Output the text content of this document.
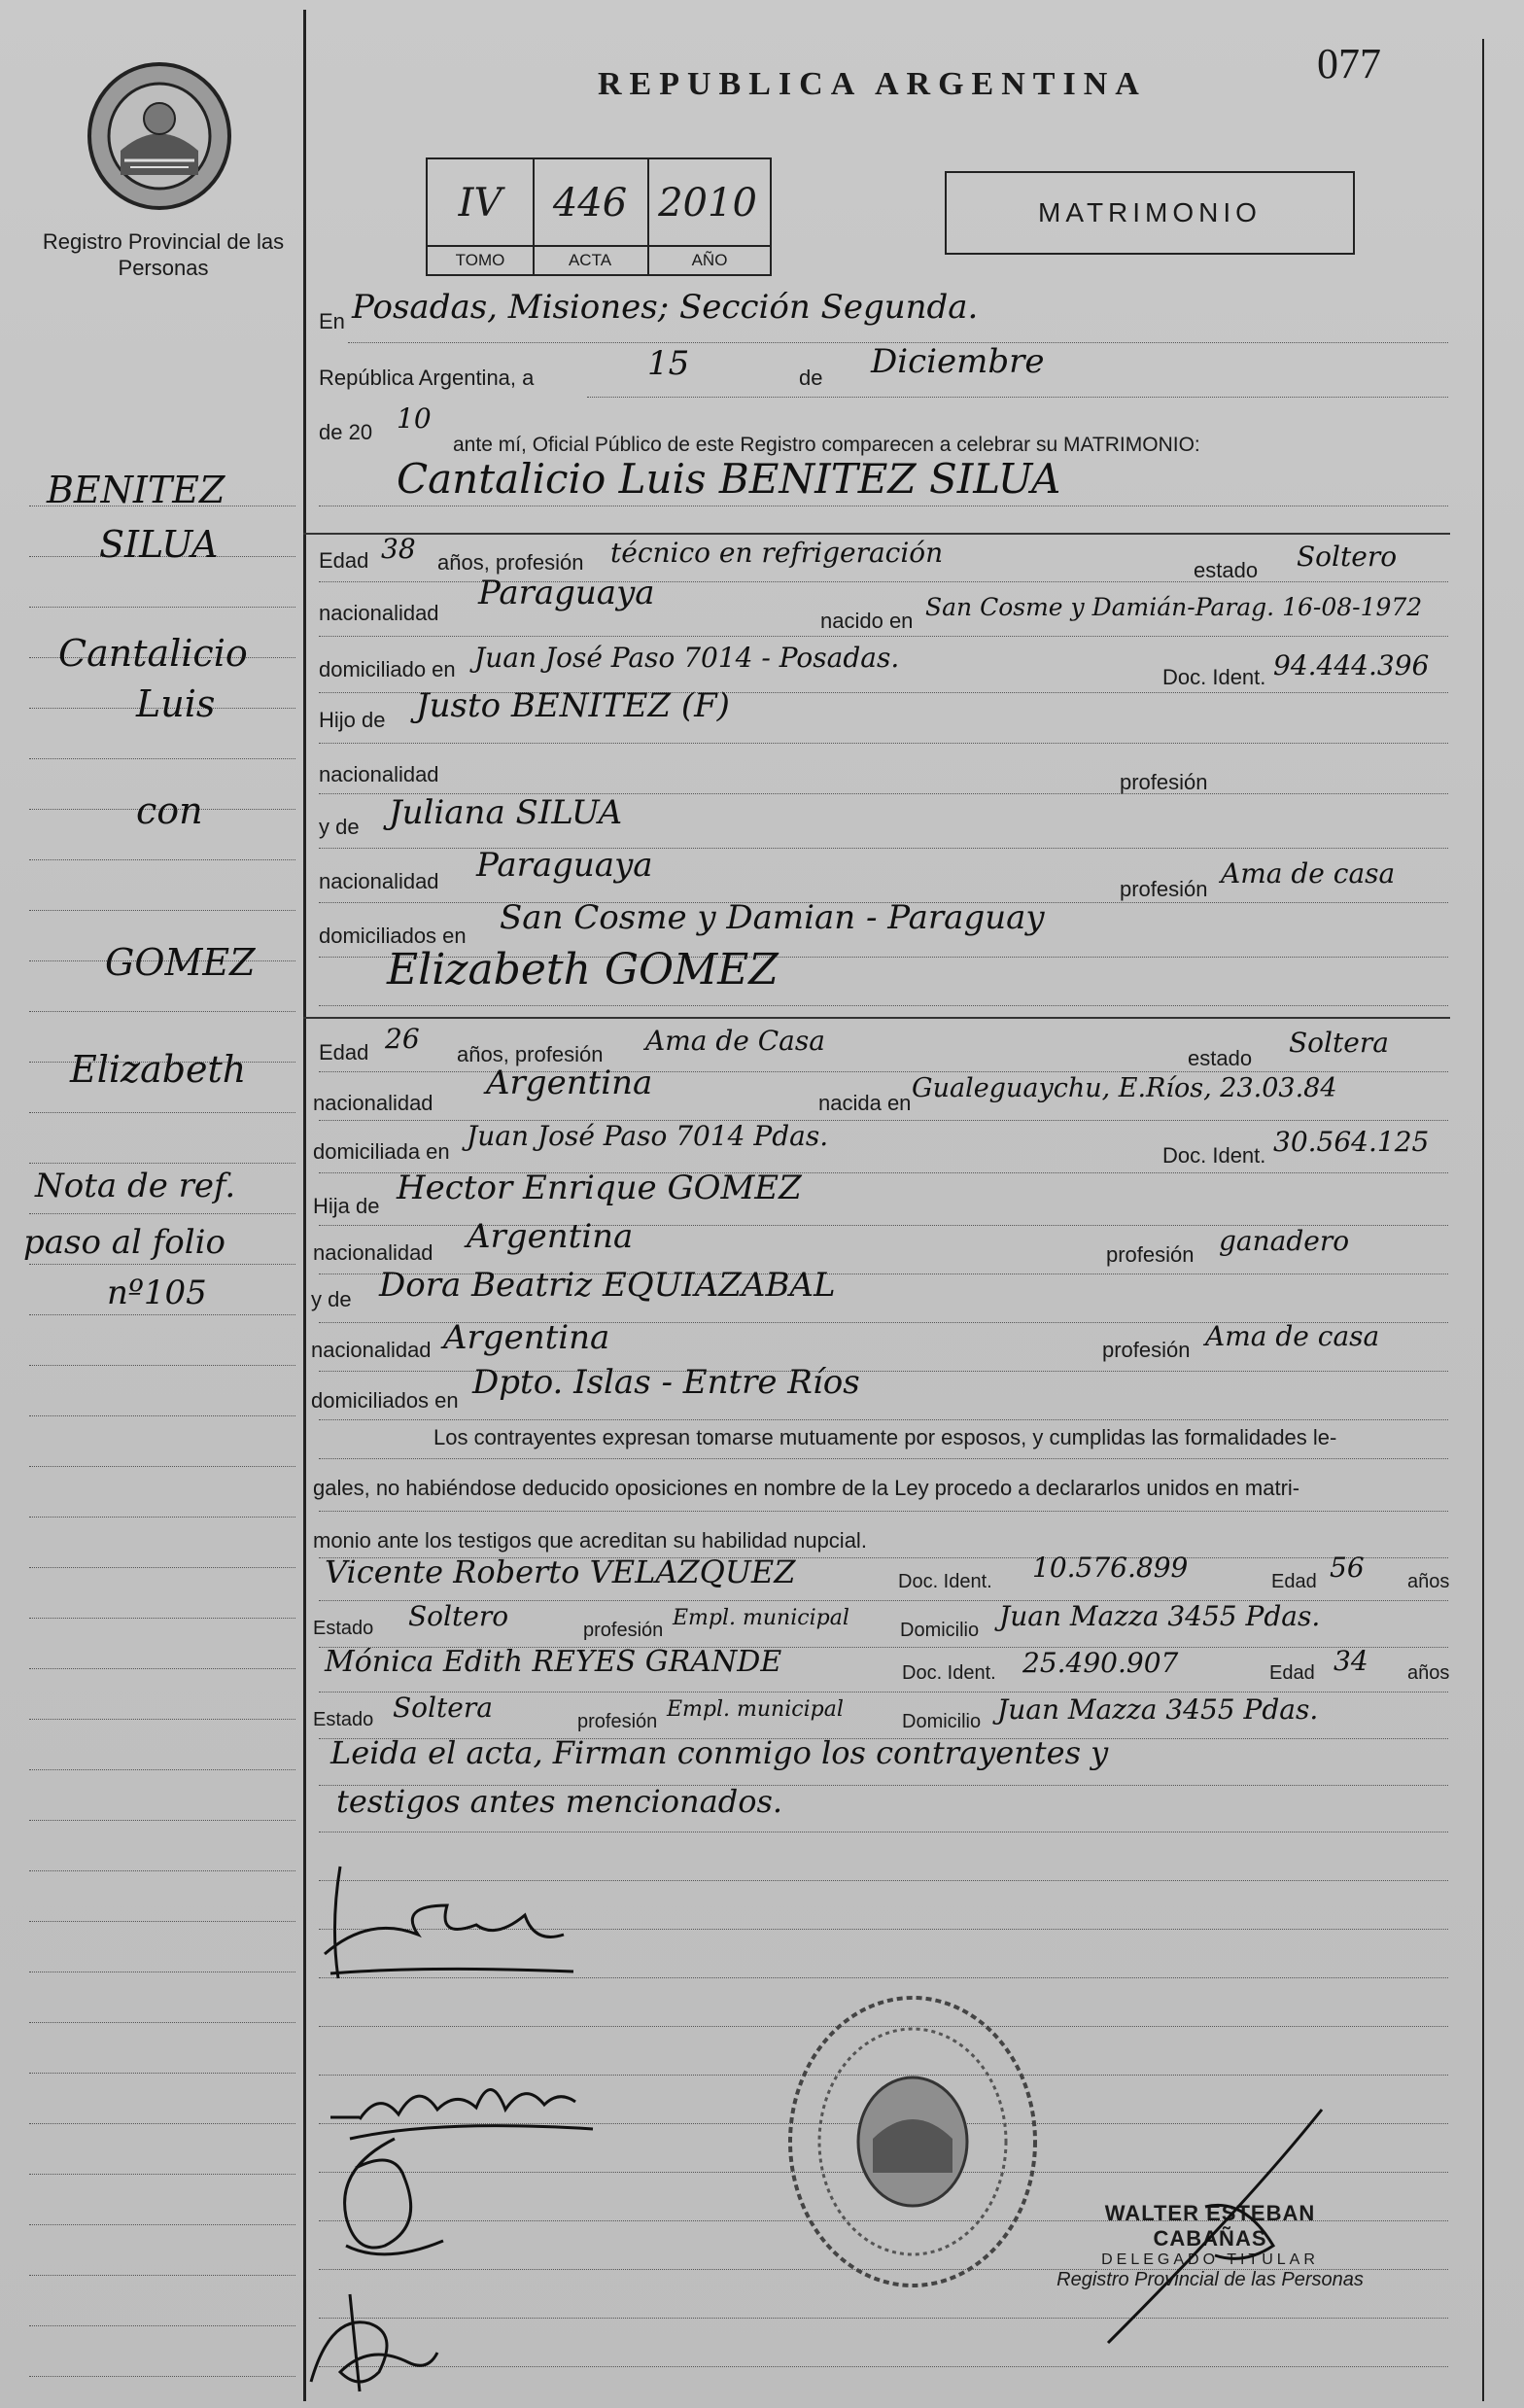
Registro Provincial de las Personas
REPUBLICA ARGENTINA	077
IV	446 2010
TOMO	ACTA	AÑO
MATRIMONIO
BENITEZ
SILUA
Cantalicio
Luis
con
GOMEZ
Elizabeth
Nota de ref.
paso al folio
nº105
En Posadas, Misiones; Sección Segunda.
República Argentina, a	15	de Diciembre
de 20 10
ante mí, Oficial Público de este Registro comparecen a celebrar su MATRIMONIO:
Cantalicio Luis BENITEZ SILUA
Edad 38 años, profesión técnico en refrigeración
estado Soltero
nacionalidad
Paraguaya
nacido en San Cosme y Damián-Parag. 16-08-1972
domiciliado en Juan José Paso 7014 - Posadas.
Doc. Ident. 94.444.396
Hijo de Justo BENITEZ (F)
nacionalidad	profesión
y de Juliana SILUA
nacionalidad Paraguaya
profesión Ama de casa
domiciliados en San Cosme y Damian - Paraguay
Elizabeth GOMEZ
Edad 26 años, profesión Ama de Casa
estado Soltera
nacionalidad
Argentina
nacida en Gualeguaychu, E.Ríos, 23.03.84
domiciliada en Juan José Paso 7014 Pdas.
Doc. Ident. 30.564.125
Hija de Hector Enrique GOMEZ
nacionalidad Argentina	profesión ganadero
y de Dora Beatriz EQUIAZABAL
nacionalidad Argentina	profesión Ama de casa
domiciliados en Dpto. Islas - Entre Ríos
Los contrayentes expresan tomarse mutuamente por esposos, y cumplidas las formalidades le-
gales, no habiéndose deducido oposiciones en nombre de la Ley procedo a declararlos unidos en matri-
monio ante los testigos que acreditan su habilidad nupcial.
Vicente Roberto VELAZQUEZ	Doc. Ident. 10.576.899	Edad 56 años
Estado Soltero	profesión Empl. municipal	Domicilio Juan Mazza 3455 Pdas.
Mónica Edith REYES GRANDE	Doc. Ident. 25.490.907	Edad 34 años
Estado Soltera	profesión Empl. municipal	Domicilio Juan Mazza 3455 Pdas.
Leida el acta, Firman conmigo los contrayentes y
testigos antes mencionados.
WALTER ESTEBAN CABAÑAS
DELEGADO TITULAR
Registro Provincial de las Personas
